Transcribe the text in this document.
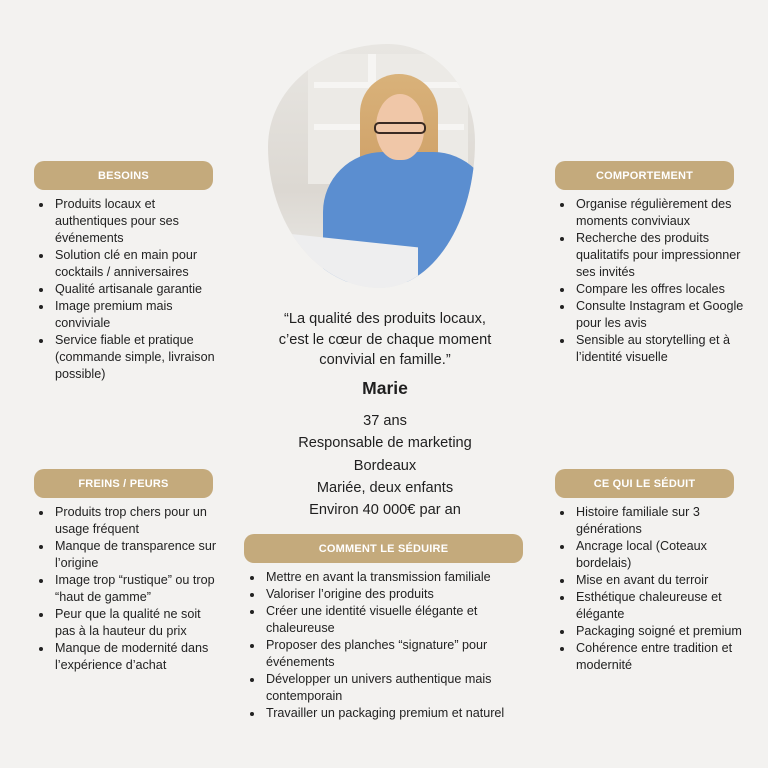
BESOINS
Produits locaux et authentiques pour ses événements
Solution clé en main pour cocktails / anniversaires
Qualité artisanale garantie
Image premium mais conviviale
Service fiable et pratique (commande simple, livraison possible)
COMPORTEMENT
Organise régulièrement des moments conviviaux
Recherche des produits qualitatifs pour impressionner ses invités
Compare les offres locales
Consulte Instagram et Google pour les avis
Sensible au storytelling et à l’identité visuelle
“La qualité des produits locaux,
c’est le cœur de chaque moment
convivial en famille.”
Marie
37 ans
Responsable de marketing
Bordeaux
Mariée, deux enfants
Environ 40 000€ par an
FREINS / PEURS
Produits trop chers pour un usage fréquent
Manque de transparence sur l’origine
Image trop “rustique” ou trop “haut de gamme”
Peur que la qualité ne soit pas à la hauteur du prix
Manque de modernité dans l’expérience d’achat
CE QUI LE SÉDUIT
Histoire familiale sur 3 générations
Ancrage local (Coteaux bordelais)
Mise en avant du terroir
Esthétique chaleureuse et élégante
Packaging soigné et premium
Cohérence entre tradition et modernité
COMMENT LE SÉDUIRE
Mettre en avant la transmission familiale
Valoriser l’origine des produits
Créer une identité visuelle élégante et chaleureuse
Proposer des planches “signature” pour événements
Développer un univers authentique mais contemporain
Travailler un packaging premium et naturel
